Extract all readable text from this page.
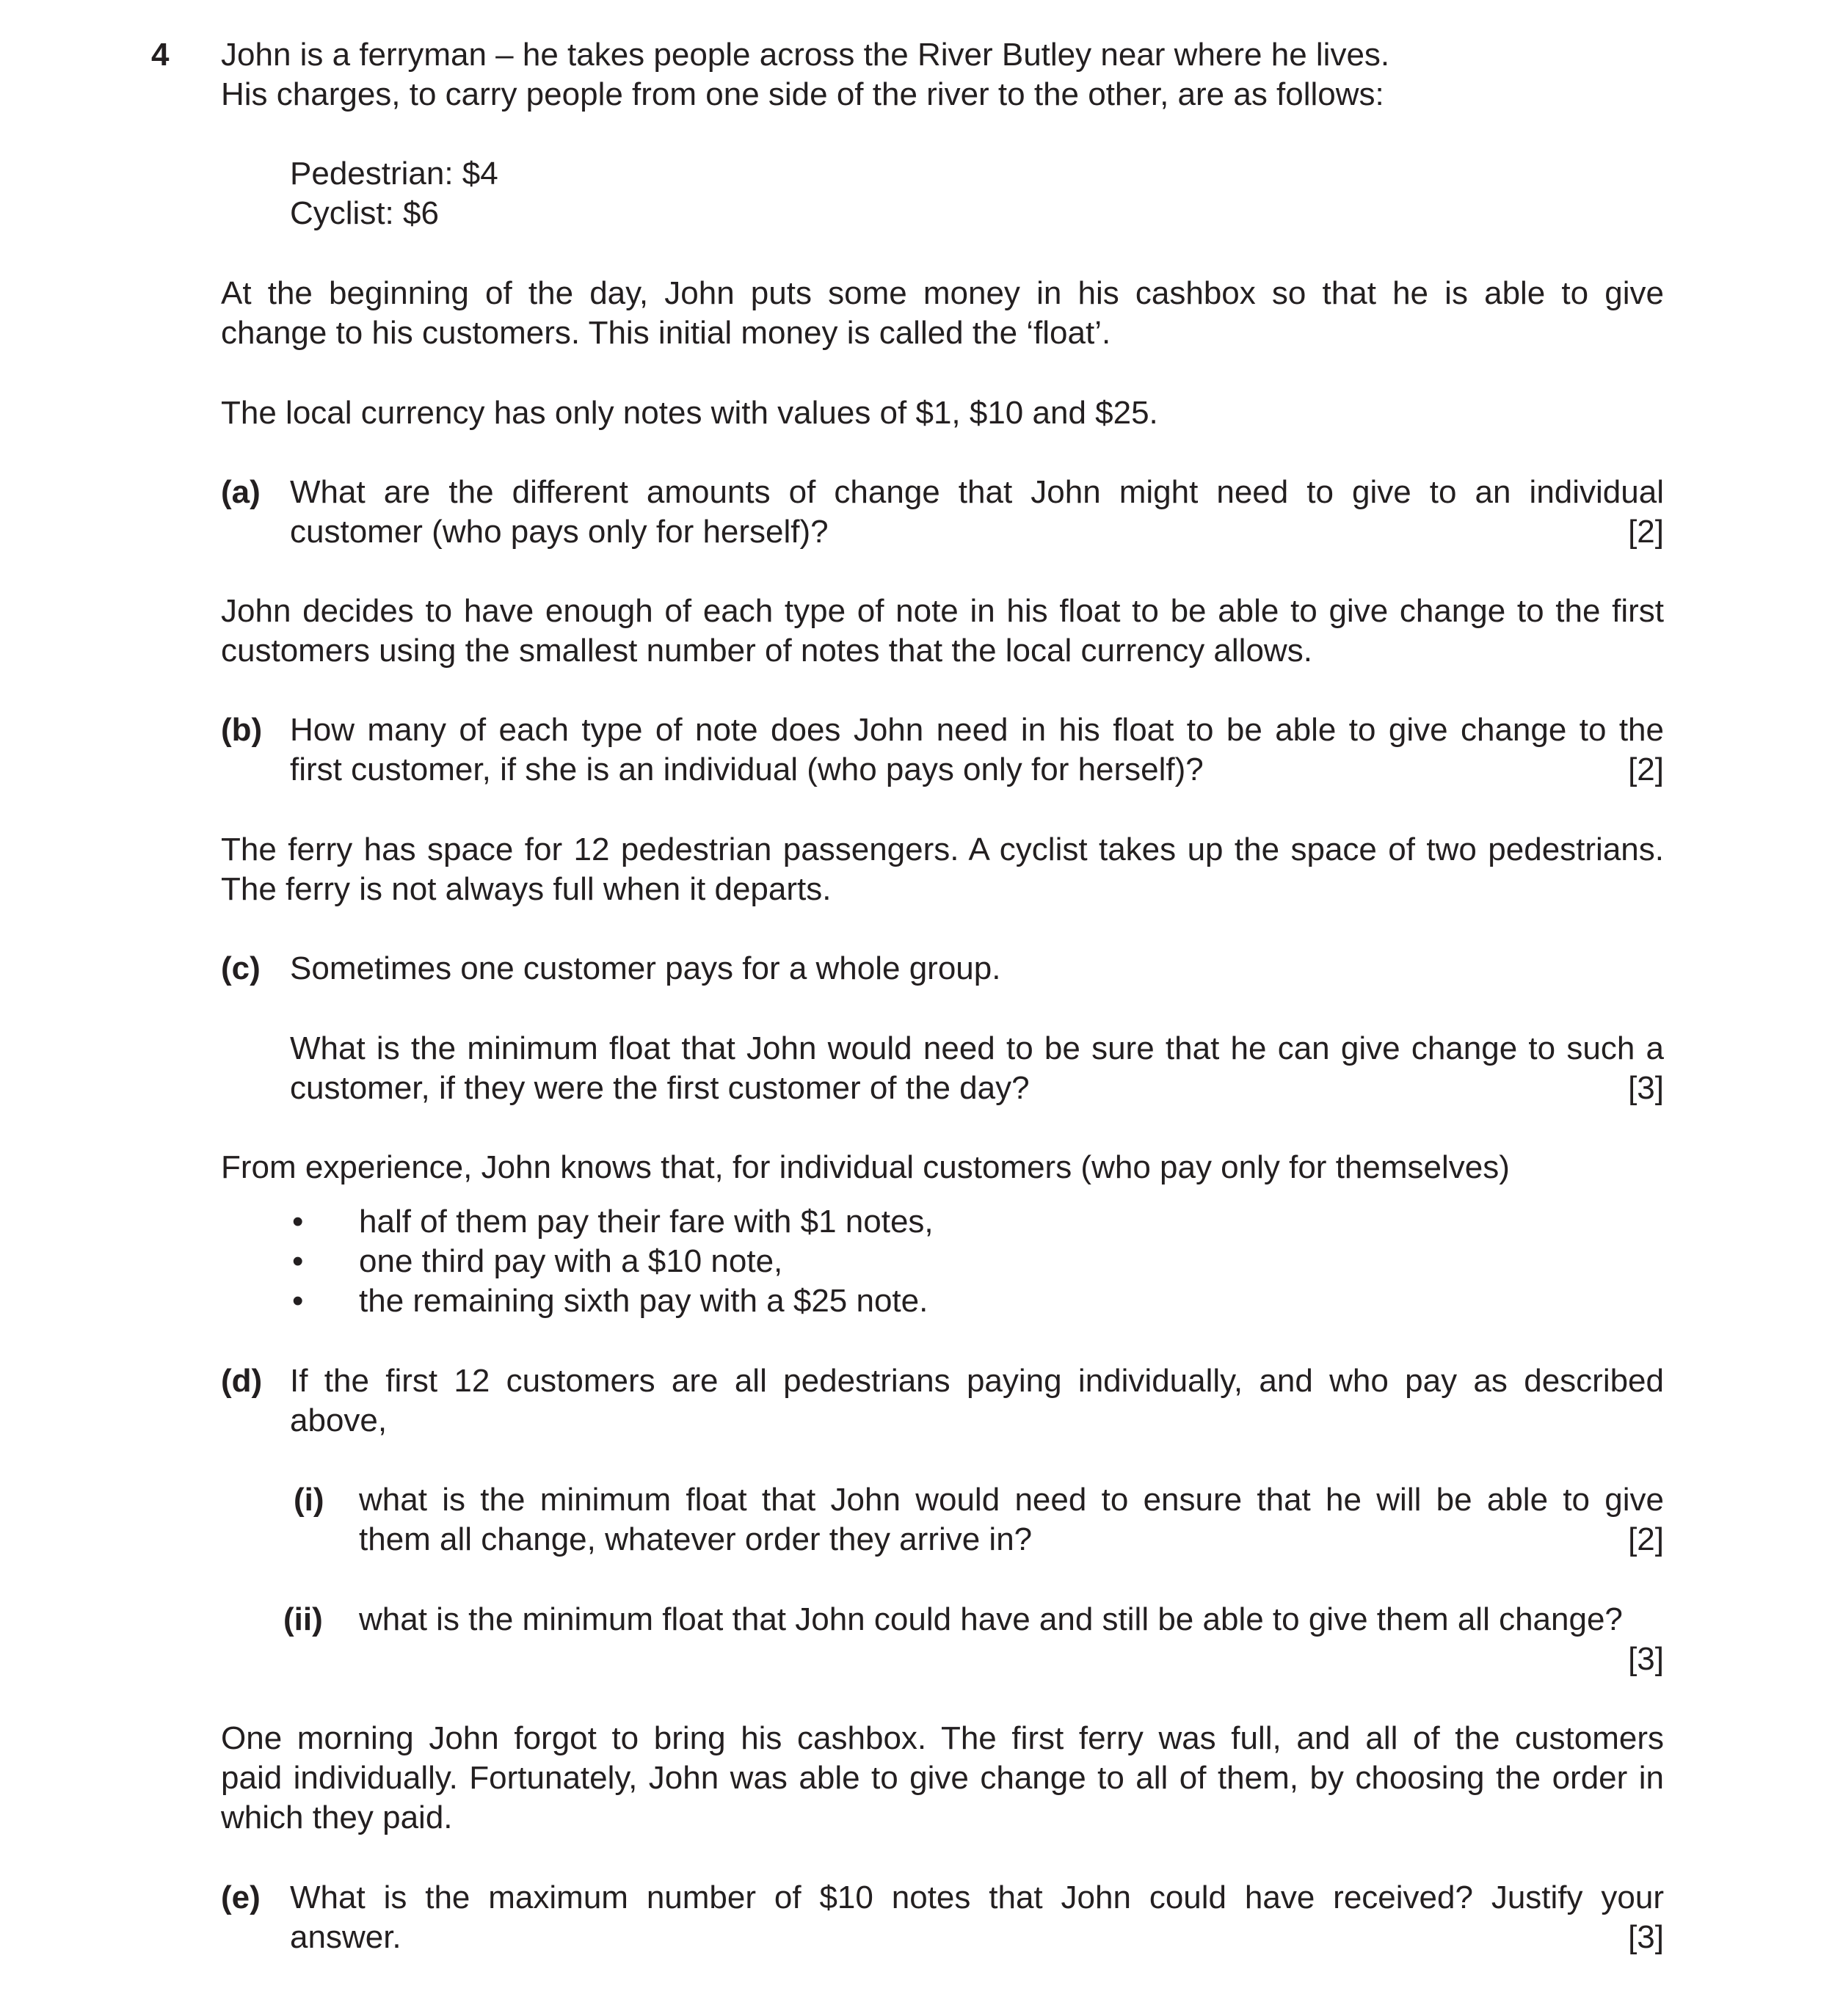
4 John is a ferryman – he takes people across the River Butley near where he lives.
His charges, to carry people from one side of the river to the other, are as follows:
Pedestrian: $4
Cyclist: $6
At the beginning of the day, John puts some money in his cashbox so that he is able to give
change to his customers. This initial money is called the ‘float’.
The local currency has only notes with values of $1, $10 and $25.
(a) What are the different amounts of change that John might need to give to an individual
customer (who pays only for herself)?	[2]
John decides to have enough of each type of note in his float to be able to give change to the first
customers using the smallest number of notes that the local currency allows.
(b) How many of each type of note does John need in his float to be able to give change to the
first customer, if she is an individual (who pays only for herself)?	[2]
The ferry has space for 12 pedestrian passengers. A cyclist takes up the space of two pedestrians.
The ferry is not always full when it departs.
(c) Sometimes one customer pays for a whole group.
What is the minimum float that John would need to be sure that he can give change to such a
customer, if they were the first customer of the day?	[3]
From experience, John knows that, for individual customers (who pay only for themselves)
• half of them pay their fare with $1 notes,
• one third pay with a $10 note,
• the remaining sixth pay with a $25 note.
(d) If the first 12 customers are all pedestrians paying individually, and who pay as described
above,
(i) what is the minimum float that John would need to ensure that he will be able to give
them all change, whatever order they arrive in?	[2]
(ii) what is the minimum float that John could have and still be able to give them all change?
[3]
One morning John forgot to bring his cashbox. The first ferry was full, and all of the customers
paid individually. Fortunately, John was able to give change to all of them, by choosing the order in
which they paid.
(e) What is the maximum number of $10 notes that John could have received? Justify your
answer.	[3]
